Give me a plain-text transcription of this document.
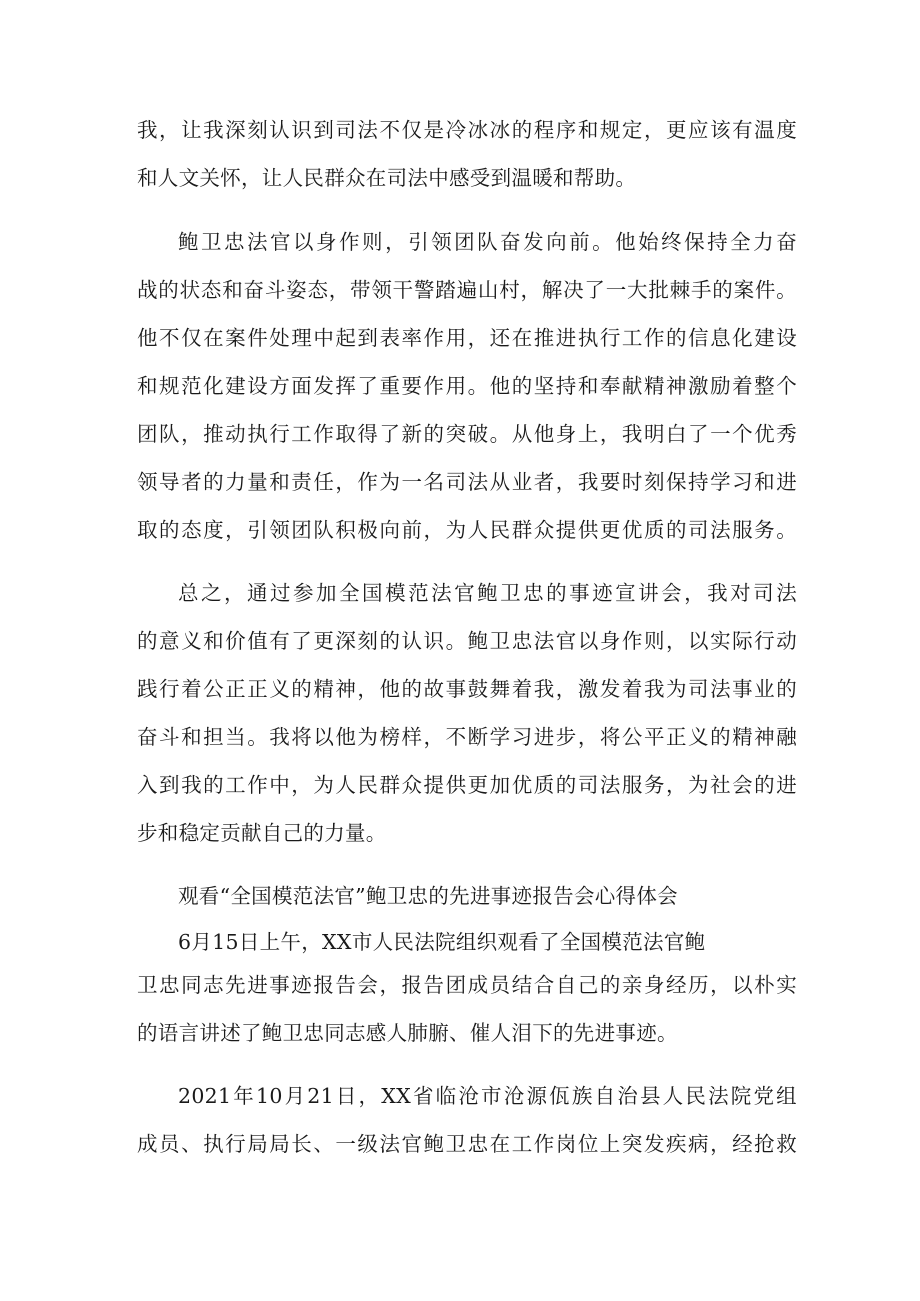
我，让我深刻认识到司法不仅是冷冰冰的程序和规定，更应该有温度
和人文关怀，让人民群众在司法中感受到温暖和帮助。
鲍卫忠法官以身作则，引领团队奋发向前。他始终保持全力奋
战的状态和奋斗姿态，带领干警踏遍山村，解决了一大批棘手的案件。
他不仅在案件处理中起到表率作用，还在推进执行工作的信息化建设
和规范化建设方面发挥了重要作用。他的坚持和奉献精神激励着整个
团队，推动执行工作取得了新的突破。从他身上，我明白了一个优秀
领导者的力量和责任，作为一名司法从业者，我要时刻保持学习和进
取的态度，引领团队积极向前，为人民群众提供更优质的司法服务。
总之，通过参加全国模范法官鲍卫忠的事迹宣讲会，我对司法
的意义和价值有了更深刻的认识。鲍卫忠法官以身作则，以实际行动
践行着公正正义的精神，他的故事鼓舞着我，激发着我为司法事业的
奋斗和担当。我将以他为榜样，不断学习进步，将公平正义的精神融
入到我的工作中，为人民群众提供更加优质的司法服务，为社会的进
步和稳定贡献自己的力量。
观看“全国模范法官”鲍卫忠的先进事迹报告会心得体会
6月15日上午，XX市人民法院组织观看了全国模范法官鲍
卫忠同志先进事迹报告会，报告团成员结合自己的亲身经历，以朴实
的语言讲述了鲍卫忠同志感人肺腑、催人泪下的先进事迹。
2021年10月21日，XX省临沧市沧源佤族自治县人民法院党组
成员、执行局局长、一级法官鲍卫忠在工作岗位上突发疾病，经抢救
